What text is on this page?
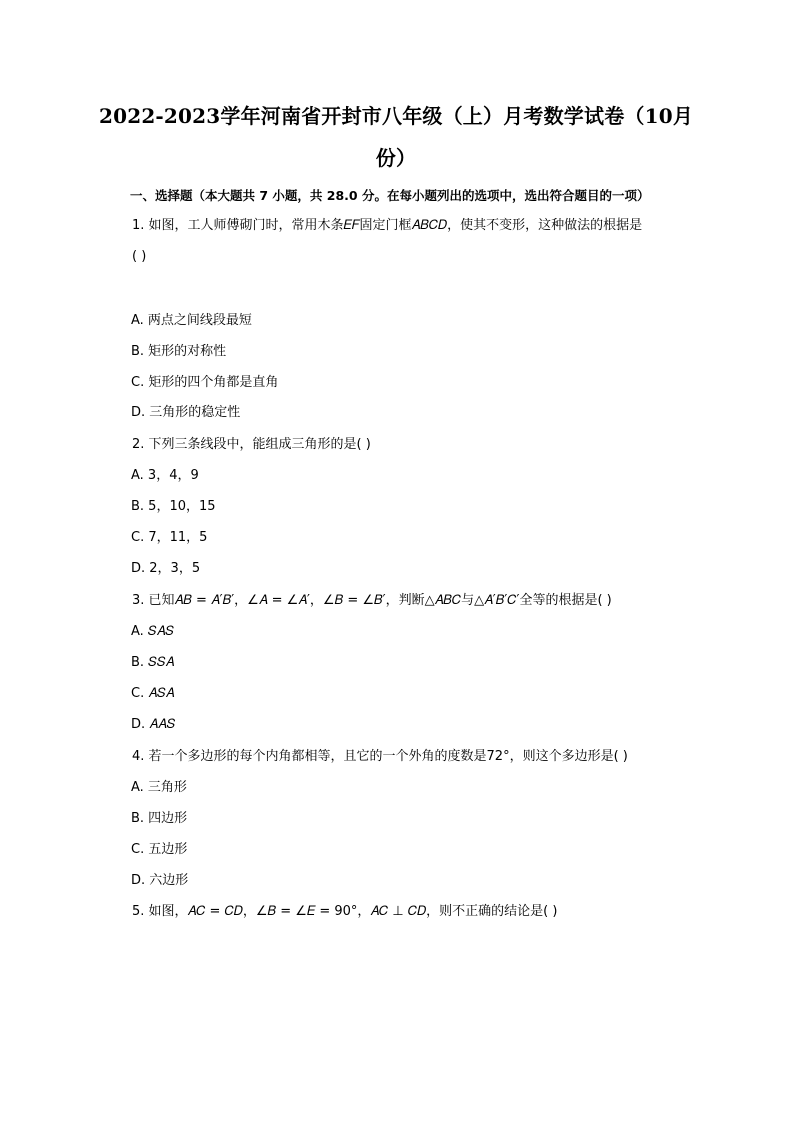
2022-2023学年河南省开封市八年级（上）月考数学试卷（10月
份）
一、选择题（本大题共 7 小题，共 28.0 分。在每小题列出的选项中，选出符合题目的一项）
1. 如图，工人师傅砌门时，常用木条𝐸𝐹固定门框𝐴𝐵𝐶𝐷，使其不变形，这种做法的根据是
( )
A. 两点之间线段最短
B. 矩形的对称性
C. 矩形的四个角都是直角
D. 三角形的稳定性
2. 下列三条线段中，能组成三角形的是( )
A. 3，4，9
B. 5，10，15
C. 7，11，5
D. 2，3，5
3. 已知𝐴𝐵 = 𝐴′𝐵′，∠𝐴 = ∠𝐴′，∠𝐵 = ∠𝐵′，判断△𝐴𝐵𝐶与△𝐴′𝐵′𝐶′全等的根据是( )
A. 𝑆𝐴𝑆
B. 𝑆𝑆𝐴
C. 𝐴𝑆𝐴
D. 𝐴𝐴𝑆
4. 若一个多边形的每个内角都相等，且它的一个外角的度数是72°，则这个多边形是( )
A. 三角形
B. 四边形
C. 五边形
D. 六边形
5. 如图，𝐴𝐶 = 𝐶𝐷，∠𝐵 = ∠𝐸 = 90°，𝐴𝐶 ⊥ 𝐶𝐷，则不正确的结论是( )
